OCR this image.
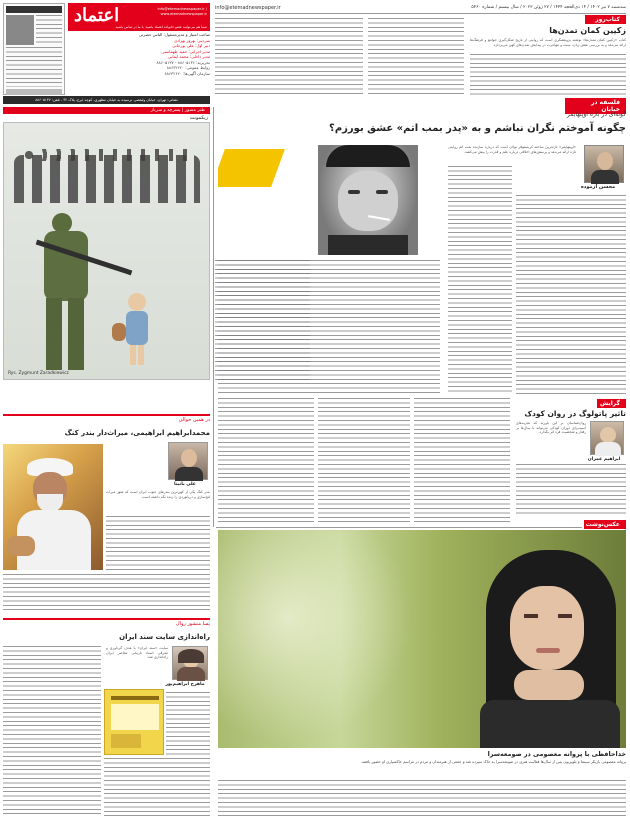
اعتماد	info@etemadnewspaper.ir / www.etemadnewspaper.ir
شما هم می‌توانید عضو خانواده اعتماد باشید. با ما در تماس باشید
صاحب امتیاز و مدیرمسئول: الیاس حضرتی
سردبیر: بهروز بهزادی
دبیر اول: علی پورخانی
مدیر اجرایی: حمید طهماسبی
مدیر داخلی: محمد ایمانی
تحریریه: ۸۸۶۰۵۱۳۶ - ۸۸۶۰۵۱۳۷
روابط عمومی: ۸۸۶۳۲۶۲۰
سازمان آگهی‌ها: ۸۸۶۳۲۶۲۰
نشانی: تهران، خیابان ولیعصر، نرسیده به خیابان مطهری، کوچه ایرج، پلاک ۴۲ - تلفن: ۸۸۶۰۵۱۳۷
سه‌شنبه ۷ تیر ۱۴۰۲ / ۱۴ ذی‌الحجه ۱۴۴۴ / ۲۷ ژوئن ۲۰۲۳ / سال بیستم / شماره ۵۴۶۰
info@etemadnewspaper.ir
کتاب‌روز
زکیین کمان تمدن‌ها
کتاب «زکیین کمان تمدن‌ها» نوشته پژوهشگری است که روایتی از تاریخ شکل‌گیری جوامع و فرهنگ‌ها ارائه می‌دهد و به بررسی نقش زبان، سنت و مهاجرت در پیدایش تمدن‌های کهن می‌پردازد.
فلسفه در خیابان
گونه‌ای در باره اوپنهایمر
چگونه آموختم نگران نباشم و به «پدر بمب اتم» عشق بورزم؟
محسن آزموده
«اوپنهایمر» تازه‌ترین ساخته کریستوفر نولان است که درباره سازنده بمب اتم روایتی تازه ارائه می‌دهد و پرسش‌های اخلاقی درباره علم و قدرت را پیش می‌کشد.
طنز مصور | پسرچه و سرباز
زیکمونت
Rys. Zygmunt Zaradkiewicz
گرایش
تاثیر پاتولوگ در روان کودک
ابراهیم عمران
روان‌شناسان بر این باورند که تجربه‌های آسیب‌زای دوران کودکی می‌تواند تا سال‌ها بر رفتار و شخصیت فرد اثر بگذارد.
در همین حوالی
محمدابراهیم ابراهیمی، میراث‌دار بندر کنگ
علی بانیتا
بندر کنگ یکی از کهن‌ترین بندرهای جنوب ایران است که هنوز میراث لنج‌سازی و دریانوردی را زنده نگه داشته است.
پسا منشور زوال
راه‌اندازی سایت سند ایران
ماهرخ ابراهیم‌پور
سایت «سند ایران» با هدف گردآوری و معرفی اسناد تاریخی معاصر ایران راه‌اندازی شد.
عکس‌نوشت
خداحافظی با پروانه معصومی در صومعه‌سرا
پروانه معصومی بازیگر سینما و تلویزیون پس از سال‌ها فعالیت هنری در صومعه‌سرا به خاک سپرده شد و جمعی از هنرمندان و مردم در مراسم خاکسپاری او حضور یافتند.
